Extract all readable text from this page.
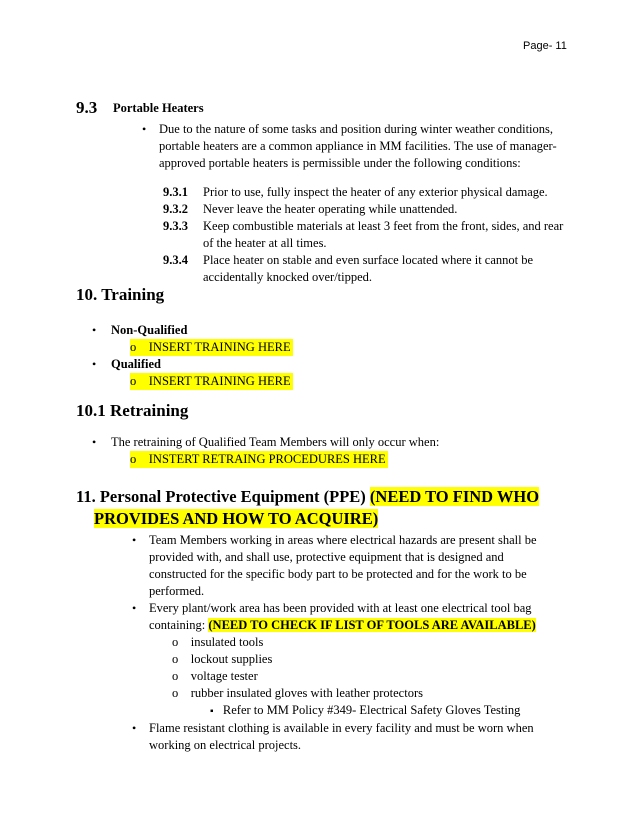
Page- 11
9.3 Portable Heaters
• Due to the nature of some tasks and position during winter weather conditions,
portable heaters are a common appliance in MM facilities. The use of manager-
approved portable heaters is permissible under the following conditions:
9.3.1 Prior to use, fully inspect the heater of any exterior physical damage.
9.3.2 Never leave the heater operating while unattended.
9.3.3 Keep combustible materials at least 3 feet from the front, sides, and rear
of the heater at all times.
9.3.4 Place heater on stable and even surface located where it cannot be
accidentally knocked over/tipped.
10. Training
• Non-Qualified
o INSERT TRAINING HERE
• Qualified
o INSERT TRAINING HERE
10.1 Retraining
• The retraining of Qualified Team Members will only occur when:
o INSTERT RETRAING PROCEDURES HERE
11. Personal Protective Equipment (PPE) (NEED TO FIND WHO
PROVIDES AND HOW TO ACQUIRE)
• Team Members working in areas where electrical hazards are present shall be
provided with, and shall use, protective equipment that is designed and
constructed for the specific body part to be protected and for the work to be
performed.
• Every plant/work area has been provided with at least one electrical tool bag
containing: (NEED TO CHECK IF LIST OF TOOLS ARE AVAILABLE)
o insulated tools
o lockout supplies
o voltage tester
o rubber insulated gloves with leather protectors
▪ Refer to MM Policy #349- Electrical Safety Gloves Testing
• Flame resistant clothing is available in every facility and must be worn when
working on electrical projects.
